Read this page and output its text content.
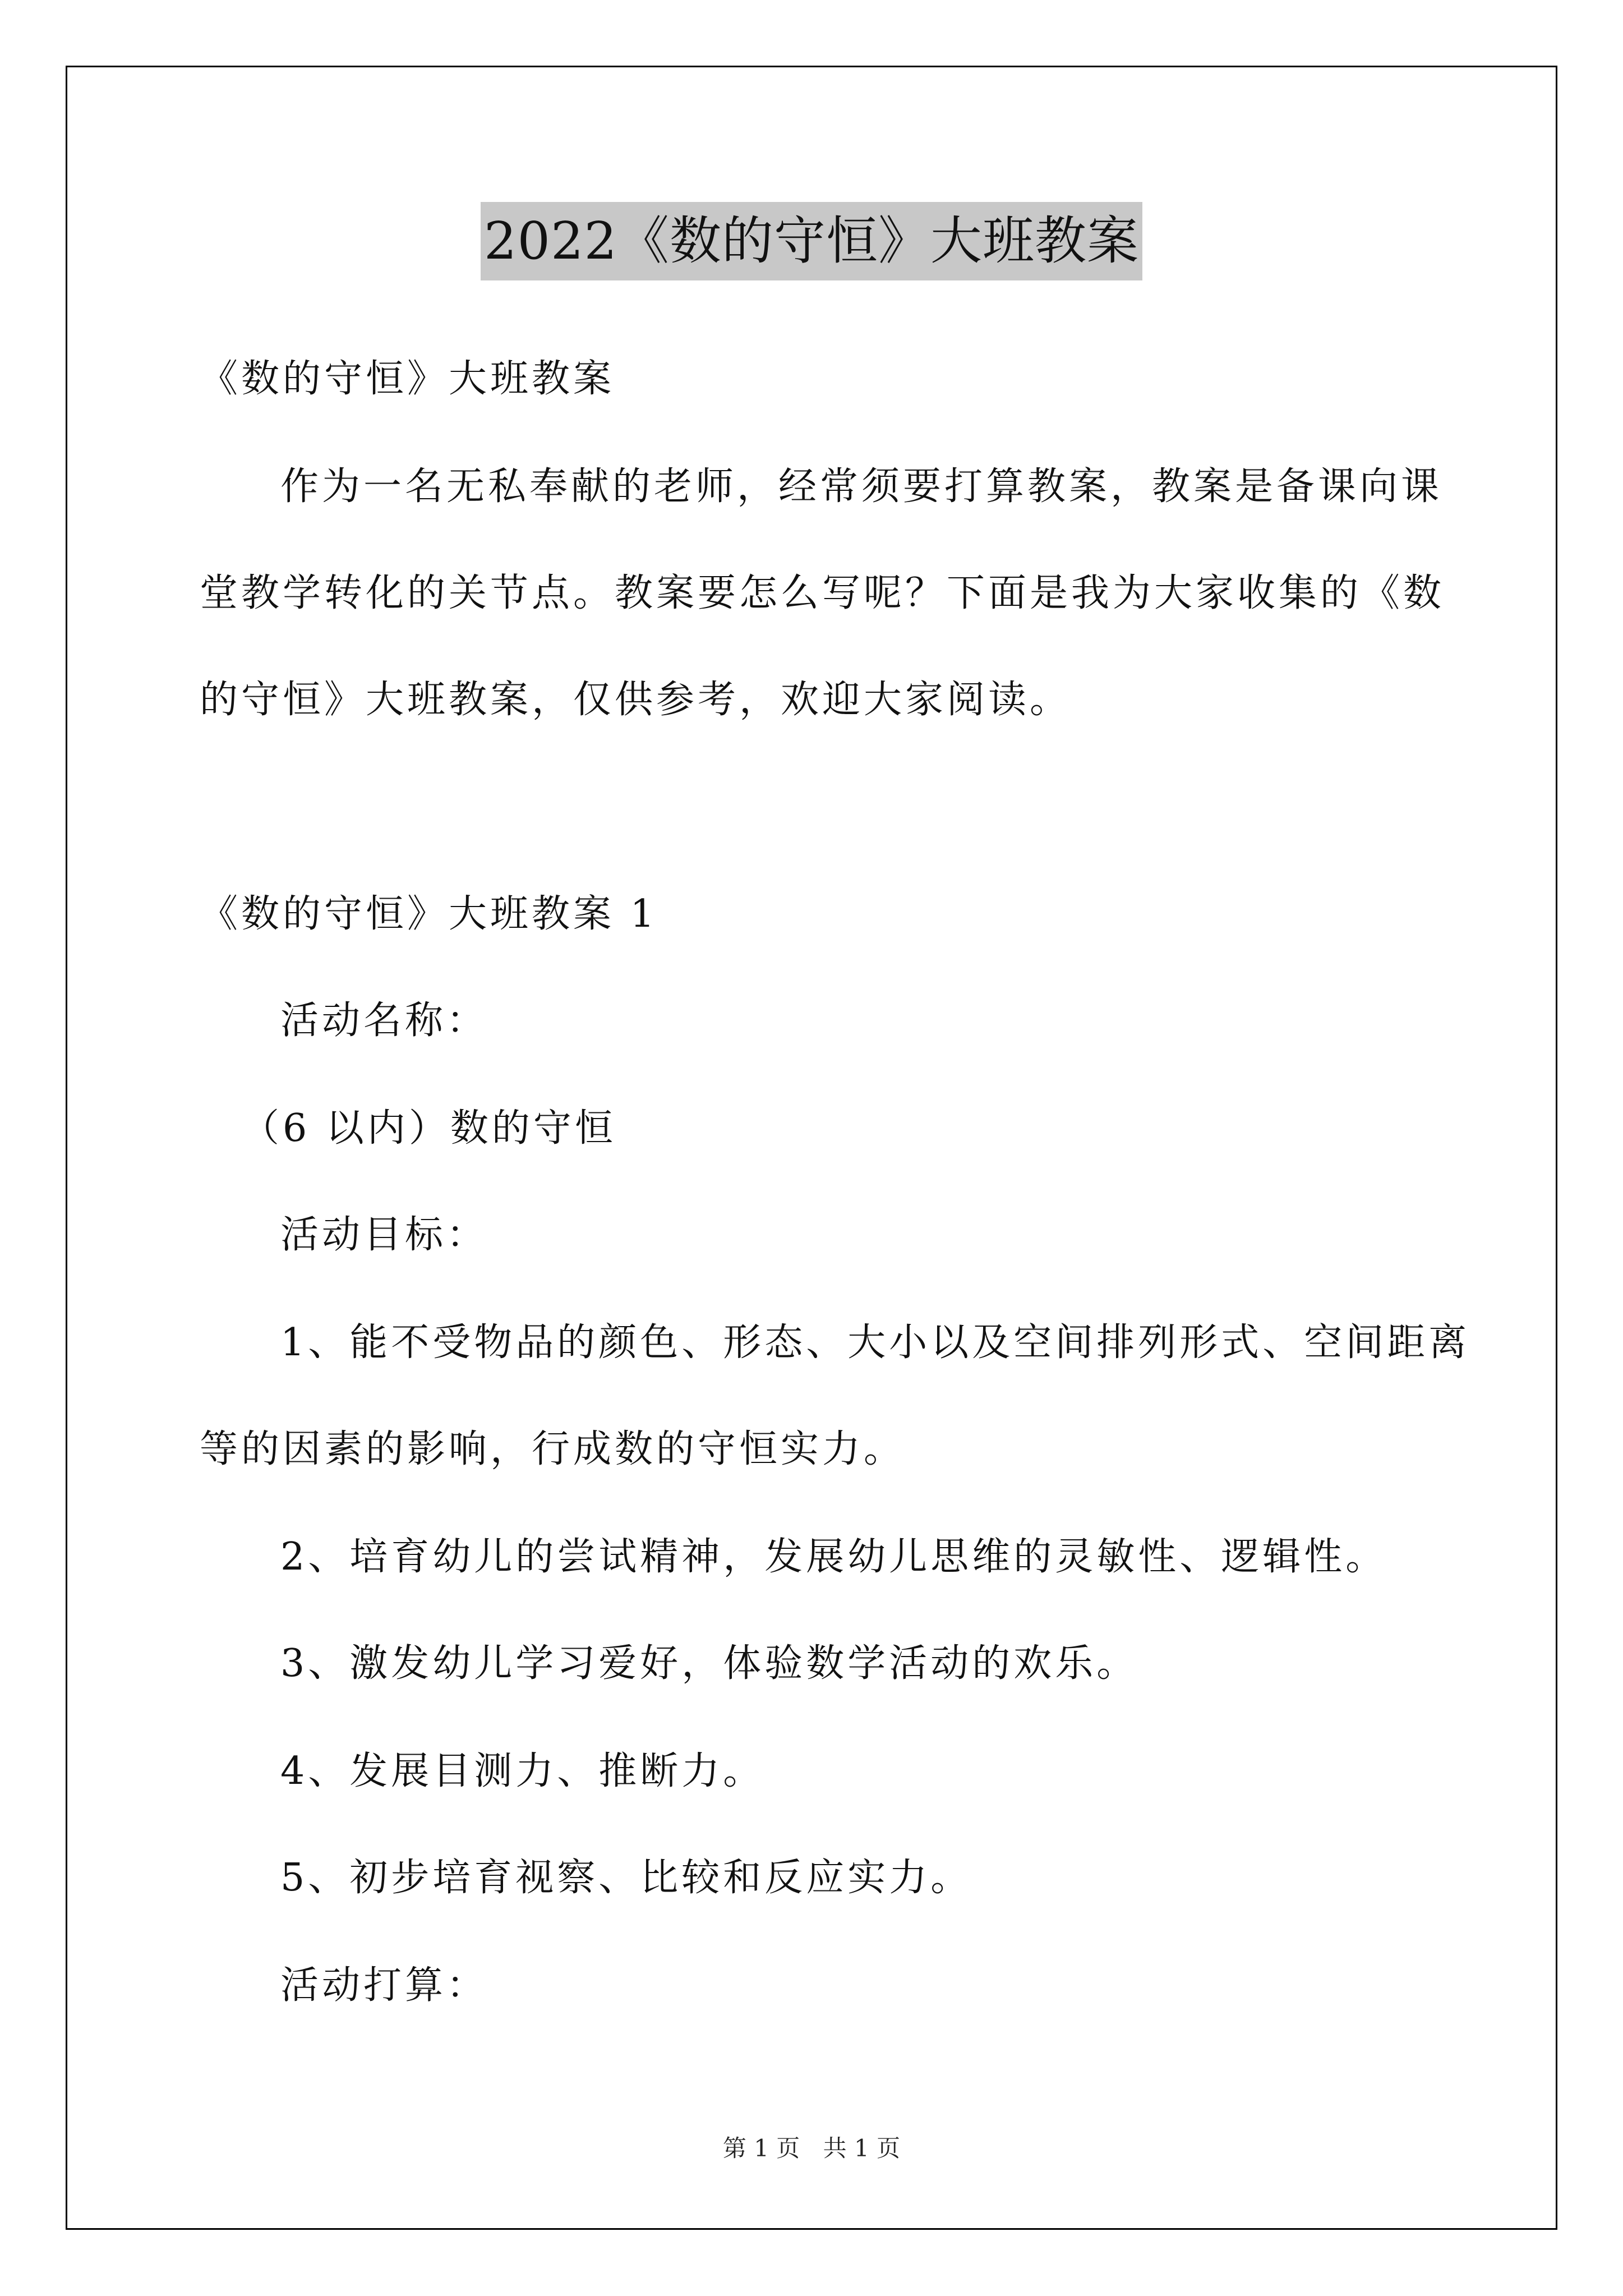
2022《数的守恒》大班教案
《数的守恒》大班教案
作为一名无私奉献的老师，经常须要打算教案，教案是备课向课
堂教学转化的关节点。教案要怎么写呢？下面是我为大家收集的《数
的守恒》大班教案，仅供参考，欢迎大家阅读。
《数的守恒》大班教案 1
活动名称：
（6 以内）数的守恒
活动目标：
1、能不受物品的颜色、形态、大小以及空间排列形式、空间距离
等的因素的影响，行成数的守恒实力。
2、培育幼儿的尝试精神，发展幼儿思维的灵敏性、逻辑性。
3、激发幼儿学习爱好，体验数学活动的欢乐。
4、发展目测力、推断力。
5、初步培育视察、比较和反应实力。
活动打算：
第 1 页 共 1 页
